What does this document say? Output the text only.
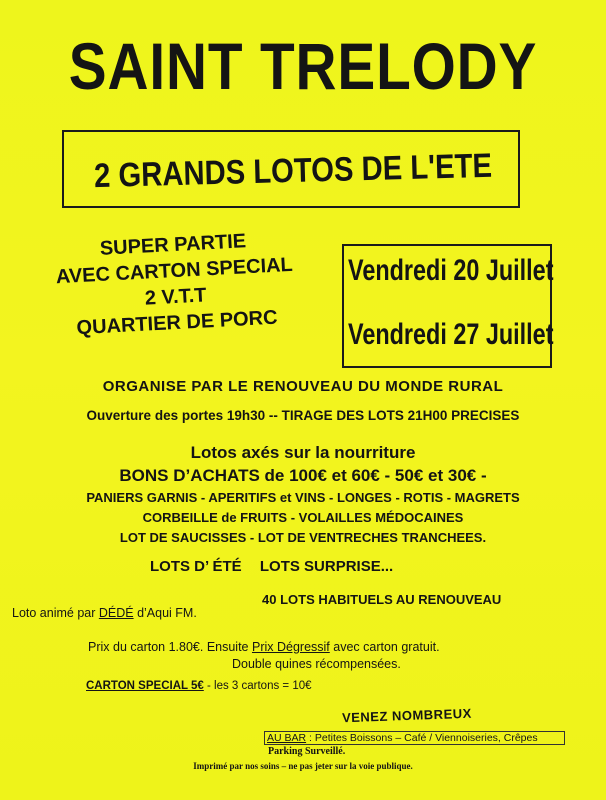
SAINT TRELODY
2 GRANDS LOTOS DE L'ETE
SUPER PARTIE
AVEC CARTON SPECIAL
2 V.T.T
QUARTIER DE PORC
Vendredi 20 Juillet
Vendredi 27 Juillet
ORGANISE PAR LE RENOUVEAU DU MONDE RURAL
Ouverture des portes 19h30 -- TIRAGE DES LOTS 21H00 PRECISES
Lotos axés sur la nourriture
BONS D’ACHATS de 100€ et 60€ - 50€ et 30€ -
PANIERS GARNIS - APERITIFS et VINS - LONGES - ROTIS - MAGRETS
CORBEILLE de FRUITS - VOLAILLES MÉDOCAINES
LOT DE SAUCISSES - LOT DE VENTRECHES TRANCHEES.
LOTS D’ ÉTÉ LOTS SURPRISE...
40 LOTS HABITUELS AU RENOUVEAU
Loto animé par DÉDÉ d’Aqui FM.
Prix du carton 1.80€. Ensuite Prix Dégressif avec carton gratuit.
Double quines récompensées.
CARTON SPECIAL 5€ - les 3 cartons = 10€
VENEZ NOMBREUX
AU BAR : Petites Boissons – Café / Viennoiseries, Crêpes
Parking Surveillé.
Imprimé par nos soins – ne pas jeter sur la voie publique.
